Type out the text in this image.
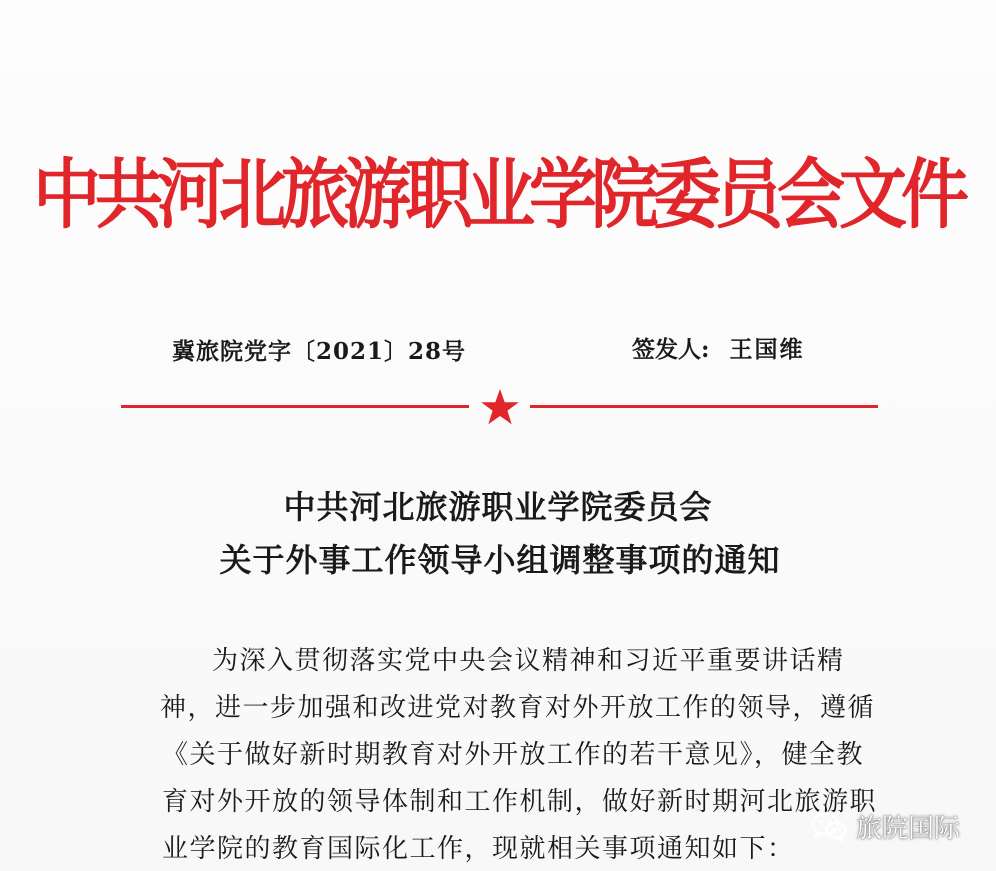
中共河北旅游职业学院委员会文件
冀旅院党字〔2021〕28号	签发人: 王国维
中共河北旅游职业学院委员会
关于外事工作领导小组调整事项的通知
为深入贯彻落实党中央会议精神和习近平重要讲话精
神，进一步加强和改进党对教育对外开放工作的领导，遵循
《关于做好新时期教育对外开放工作的若干意见》，健全教
育对外开放的领导体制和工作机制，做好新时期河北旅游职
业学院的教育国际化工作，现就相关事项通知如下：
旅院国际
